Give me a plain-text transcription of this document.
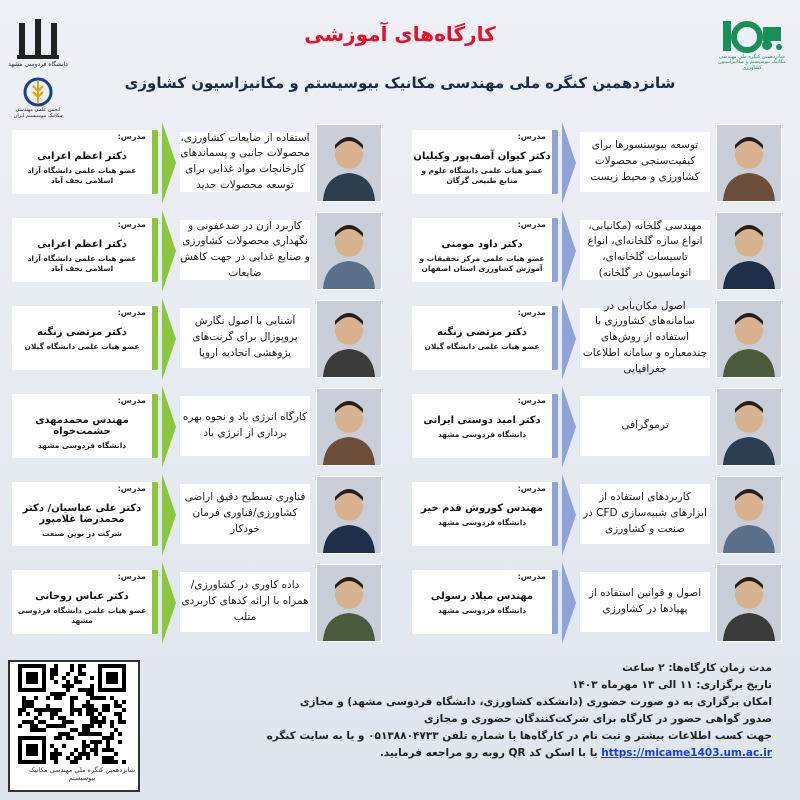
دانشگاه فردوسی مشهد
انجمن علمی مهندسی مکانیک بیوسیستم ایران
شانزدهمین کنگره ملی مهندسی مکانیک بیوسیستم و مکانیزاسیون کشاورزی
کارگاه‌های آموزشی
شانزدهمین کنگره ملی مهندسی مکانیک بیوسیستم و مکانیزاسیون کشاوزی
مدرس:
دکتر اعظم اعرابی
عضو هیات علمی دانشگاه آزاد اسلامی نجف آباد
استفاده از ضایعات کشاورزی، محصولات جانبی و پسماندهای کارخانجات مواد غذایی برای توسعه محصولات جدید
مدرس:
دکتر اعظم اعرابی
عضو هیات علمی دانشگاه آزاد اسلامی نجف آباد
کاربرد ازن در ضدعفونی و نگهداری محصولات کشاورزی و صنایع غذایی در جهت کاهش ضایعات
مدرس:
دکتر مرتضی زنگنه
عضو هیات علمی دانشگاه گیلان
آشنایی با اصول نگارش پروپوزال برای گرنت‌های پژوهشی اتحادیه اروپا
مدرس:
مهندس محمدمهدی حشمت‌خواه
دانشگاه فردوسی مشهد
کارگاه انرژی باد و نحوه بهره برداری از انرژی باد
مدرس:
دکتر علی عباسیان/ دکتر محمدرضا غلامپور
شرکت دز نوین صنعت
فناوری تسطیح دقیق اراضی کشاورزی/فناوری فرمان خودکار
مدرس:
دکتر عباس روحانی
عضو هیات علمی دانشگاه فردوسی مشهد
داده کاوری در کشاورزی/ همراه با ارائه کدهای کاربردی متلب
مدرس:
دکتر کیوان آصف‌پور وکیلیان
عضو هیات علمی دانشگاه علوم و منابع طبیعی گرگان
توسعه بیوسنسورها برای کیفیت‌سنجی محصولات کشاورزی و محیط زیست
مدرس:
دکتر داود مومنی
عضو هیات علمی مرکز تحقیقات و آموزش کشاورزی استان اصفهان
مهندسی گلخانه (مکانیابی، انواع سازه گلخانه‌ای، انواع تاسیسات گلخانه‌ای، اتوماسیون در گلخانه)
مدرس:
دکتر مرتضی زنگنه
عضو هیات علمی دانشگاه گیلان
اصول مکان‌یابی در سامانه‌های کشاورزی با استفاده از روش‌های چندمعیاره و سامانه اطلاعات جغرافیایی
مدرس:
دکتر امید دوستی ایرانی
دانشگاه فردوسی مشهد
ترموگرافی
مدرس:
مهندس کوروش قدم خیر
دانشگاه فردوسی مشهد
کاربردهای استفاده از ابزارهای شبیه‌سازی CFD در صنعت و کشاورزی
مدرس:
مهندس میلاد رسولی
دانشگاه فردوسی مشهد
اصول و قوانین استفاده از پهپادها در کشاورزی
مدت زمان کارگاه‌ها: ۲ ساعت
تاریخ برگزاری: ۱۱ الی ۱۳ مهرماه ۱۴۰۳
امکان برگزاری به دو صورت حضوری (دانشکده کشاورزی، دانشگاه فردوسی مشهد) و مجازی
صدور گواهی حضور در کارگاه برای شرکت‌کنندگان حضوری و مجازی
جهت کسب اطلاعات بیشتر و ثبت نام در کارگاه‌ها با شماره تلفن ۰۵۱۳۸۸۰۴۷۳۳ و یا به سایت کنگره https://micame1403.um.ac.ir یا با اسکن کد QR روبه رو مراجعه فرمایید.
شانزدهمین کنگره ملی مهندسی مکانیک بیوسیستم
